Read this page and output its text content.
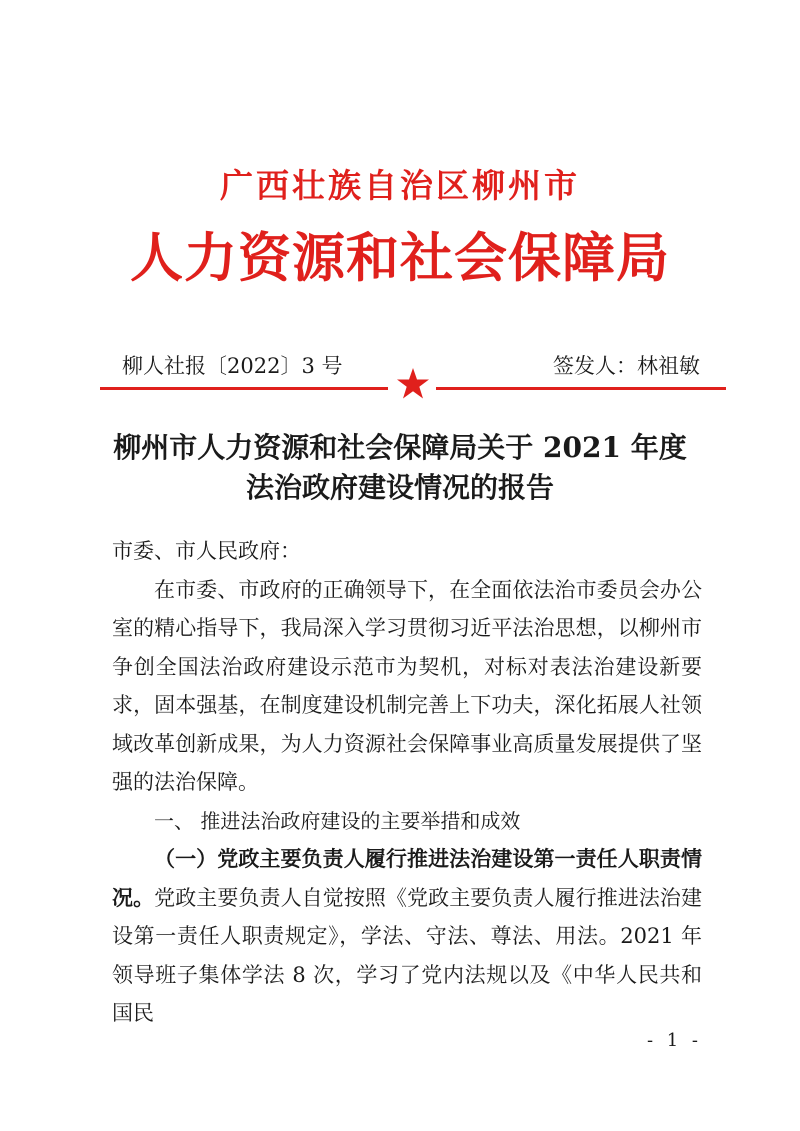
广西壮族自治区柳州市
人力资源和社会保障局
柳人社报〔2022〕3 号	签发人：林祖敏
柳州市人力资源和社会保障局关于 2021 年度
法治政府建设情况的报告

市委、市人民政府：

在市委、市政府的正确领导下，在全面依法治市委员会办公室的精心指导下，我局深入学习贯彻习近平法治思想，以柳州市争创全国法治政府建设示范市为契机，对标对表法治建设新要求，固本强基，在制度建设机制完善上下功夫，深化拓展人社领域改革创新成果，为人力资源社会保障事业高质量发展提供了坚强的法治保障。

一、 推进法治政府建设的主要举措和成效

（一）党政主要负责人履行推进法治建设第一责任人职责情况。党政主要负责人自觉按照《党政主要负责人履行推进法治建设第一责任人职责规定》，学法、守法、尊法、用法。2021 年领导班子集体学法 8 次，学习了党内法规以及《中华人民共和国民

- 1 -
